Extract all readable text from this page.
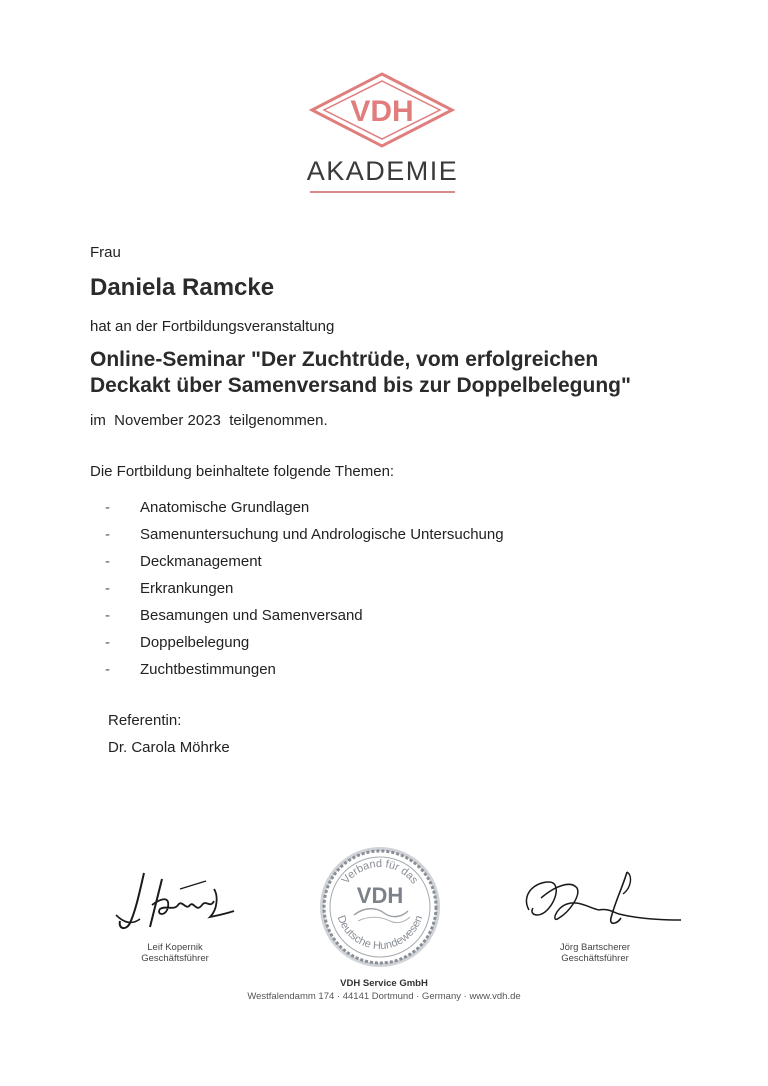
VDH
AKADEMIE
Frau
Daniela Ramcke
hat an der Fortbildungsveranstaltung
Online-Seminar "Der Zuchtrüde, vom erfolgreichen
Deckakt über Samenversand bis zur Doppelbelegung"
im  November 2023  teilgenommen.
Die Fortbildung beinhaltete folgende Themen:
- Anatomische Grundlagen
- Samenuntersuchung und Andrologische Untersuchung
- Deckmanagement
- Erkrankungen
- Besamungen und Samenversand
- Doppelbelegung
- Zuchtbestimmungen
Referentin:
Dr. Carola Möhrke
Leif Kopernik
Geschäftsführer
Verband für das
Deutsche Hundewesen
VDH
Jörg Bartscherer
Geschäftsführer
VDH Service GmbH
Westfalendamm 174 · 44141 Dortmund · Germany · www.vdh.de
